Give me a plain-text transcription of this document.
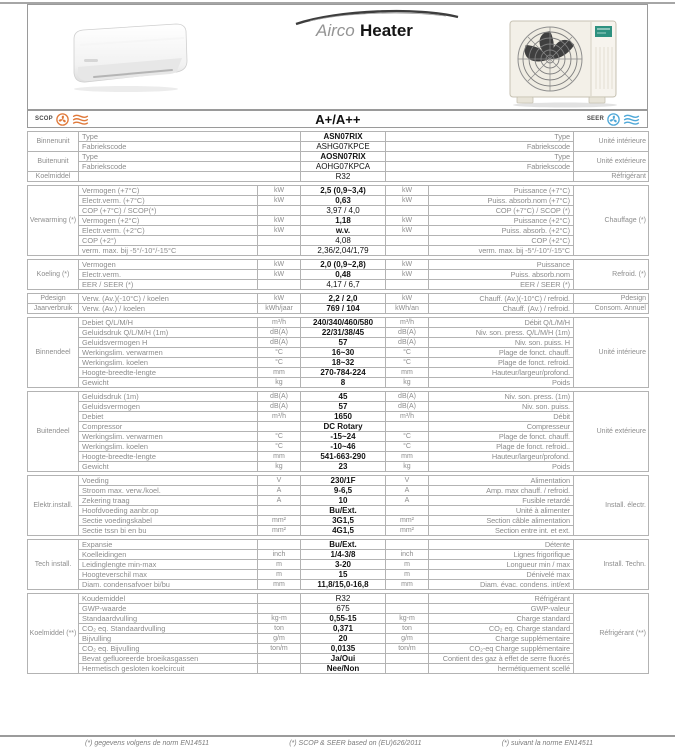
Airco Heater
SCOP	A+/A++	SEER
Binnenunit	Type	ASN07RIX	Type	Unité intérieure
	Fabriekscode	ASHG07KPCE	Fabriekscode	
Buitenunit	Type	AOSN07RIX	Type	Unité extérieure
	Fabriekscode	AOHG07KPCA	Fabriekscode	
Koelmiddel		R32		Réfrigérant
Verwarming (*)	Vermogen (+7°C)	kW	2,5 (0,9~3,4)	kW	Puissance (+7°C)	Chauffage (*)
	Electr.verm. (+7°C)	kW	0,63	kW	Puiss. absorb.nom (+7°C)	
	COP (+7°C) / SCOP(*)		3,97 / 4,0		COP (+7°C) / SCOP (*)	
	Vermogen (+2°C)	kW	1,18	kW	Puissance (+2°C)	
	Electr.verm. (+2°C)	kW	w.v.	kW	Puiss. absorb. (+2°C)	
	COP (+2°)		4,08		COP (+2°C)	
	verm. max. bij -5°/-10°/-15°C		2,36/2,04/1,79		verm. max. bij -5°/-10°/-15°C	
Koeling (*)	Vermogen	kW	2,0 (0,9~2,8)	kW	Puissance	Refroid. (*)
	Electr.verm.	kW	0,48	kW	Puiss. absorb.nom	
	EER / SEER (*)		4,17 / 6,7		EER / SEER (*)	
Pdesign	Verw. (Av.)(-10°C) / koelen	kW	2,2 / 2,0	kW	Chauff. (Av.)(-10°C) / refroid.	Pdesign
Jaarverbruik	Verw. (Av.) / koelen	kWh/jaar	769 / 104	kWh/an	Chauff. (Av.) / refroid.	Consom. Annuel
Binnendeel	Debiet Q/L/M/H	m³/h	240/340/460/580	m³/h	Débit Q/L/M/H	Unité intérieure
	Geluidsdruk Q/L/M/H (1m)	dB(A)	22/31/38/45	dB(A)	Niv. son. press. Q/L/M/H (1m)	
	Geluidsvermogen H	dB(A)	57	dB(A)	Niv. son. puiss. H	
	Werkingslim. verwarmen	°C	16~30	°C	Plage de fonct. chauff.	
	Werkingslim. koelen	°C	18~32	°C	Plage de fonct. refroid.	
	Hoogte-breedte-lengte	mm	270-784-224	mm	Hauteur/largeur/profond.	
	Gewicht	kg	8	kg	Poids	
Buitendeel	Geluidsdruk (1m)	dB(A)	45	dB(A)	Niv. son. press. (1m)	Unité extérieure
	Geluidsvermogen	dB(A)	57	dB(A)	Niv. son. puiss.	
	Debiet	m³/h	1650	m³/h	Débit	
	Compressor		DC Rotary		Compresseur	
	Werkingslim. verwarmen	°C	-15~24	°C	Plage de fonct. chauff.	
	Werkingslim. koelen	°C	-10~46	°C	Plage de fonct. refroid..	
	Hoogte-breedte-lengte	mm	541-663-290	mm	Hauteur/largeur/profond.	
	Gewicht	kg	23	kg	Poids	
Elektr.install.	Voeding	V	230/1F	V	Alimentation	Install. électr.
	Stroom max. verw./koel.	A	9-6,5	A	Amp. max chauff. / refroid.	
	Zekering traag	A	10	A	Fusible retardé	
	Hoofdvoeding aanbr.op		Bu/Ext.		Unité à alimenter	
	Sectie voedingskabel	mm²	3G1,5	mm²	Section câble alimentation	
	Sectie tssn bi en bu	mm²	4G1,5	mm²	Section entre int. et ext.	
Tech install.	Expansie		Bu/Ext.		Détente	Install. Techn.
	Koelleidingen	inch	1/4-3/8	inch	Lignes frigorifique	
	Leidinglengte min-max	m	3-20	m	Longueur min / max	
	Hoogteverschil max	m	15	m	Dénivelé max	
	Diam. condensafvoer bi/bu	mm	11,8/15,0-16,8	mm	Diam. évac. condens. int/ext	
Koelmiddel (**)	Koudemiddel		R32		Réfrigérant	Réfrigérant (**)
	GWP-waarde		675		GWP-valeur	
	Standaardvulling	kg-m	0,55-15	kg-m	Charge standard	
	CO₂ eq. Standaardvulling	ton	0,371	ton	CO₂ eq. Charge standard	
	Bijvulling	g/m	20	g/m	Charge supplémentaire	
	CO₂ eq. Bijvulling	ton/m	0,0135	ton/m	CO₂-eq Charge supplémentaire	
	Bevat gefluoreerde broeikasgassen		Ja/Oui		Contient des gaz à effet de serre fluorés	
	Hermetisch gesloten koelcircuit		Nee/Non		hermétiquement scellé	
(*) gegevens volgens de norm EN14511	(*) SCOP & SEER based on (EU)626/2011	(*) suivant la norme EN14511
